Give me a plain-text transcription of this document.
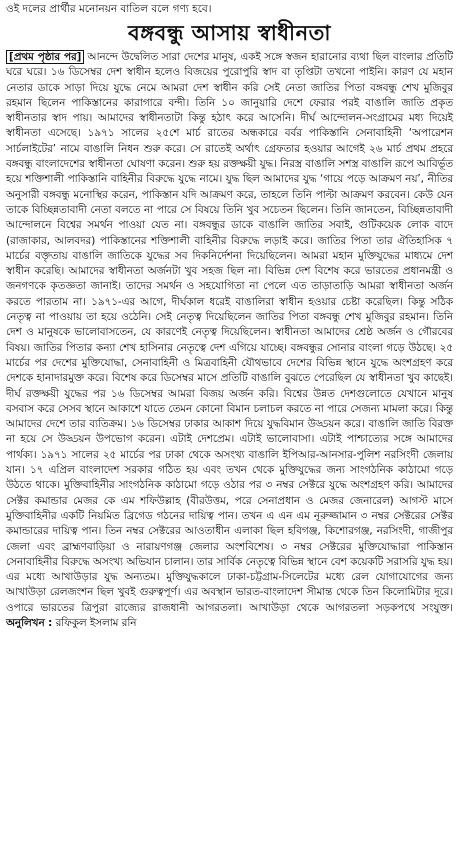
ওই দলের প্রার্থীর মনোনয়ন বাতিল বলে গণ্য হবে।
বঙ্গবন্ধু আসায় স্বাধীনতা
[প্রথম পৃষ্ঠার পর] আনন্দে উদ্বেলিত সারা দেশের মানুষ, একই সঙ্গে স্বজন হারানোর ব্যথা ছিল বাংলার প্রতিটি ঘরে ঘরে। ১৬ ডিসেম্বর দেশ স্বাধীন হলেও বিজয়ের পুরোপুরি স্বাদ বা তৃপ্তিটা তখনো পাইনি। কারণ যে মহান নেতার ডাকে সাড়া দিয়ে যুদ্ধে নেমে আমরা দেশ স্বাধীন করি সেই নেতা জাতির পিতা বঙ্গবন্ধু শেখ মুজিবুর রহমান ছিলেন পাকিস্তানের কারাগারে বন্দী। তিনি ১০ জানুয়ারি দেশে ফেরার পরই বাঙালি জাতি প্রকৃত স্বাধীনতার স্বাদ পায়। আমাদের স্বাধীনতাটা কিন্তু হঠাৎ করে আসেনি। দীর্ঘ আন্দোলন-সংগ্রামের মধ্য দিয়েই স্বাধীনতা এসেছে। ১৯৭১ সালের ২৫শে মার্চ রাতের অন্ধকারে বর্বর পাকিস্তানি সেনাবাহিনী ‘অপারেশন সার্চলাইটের’ নামে বাঙালি নিধন শুরু করে। সে রাতেই অর্থাৎ গ্রেফতার হওয়ার আগেই ২৬ মার্চ প্রথম প্রহরে বঙ্গবন্ধু বাংলাদেশের স্বাধীনতা ঘোষণা করেন। শুরু হয় রক্তক্ষয়ী যুদ্ধ। নিরস্ত্র বাঙালি সশস্ত্র বাঙালি রূপে আবির্ভূত হয়ে শক্তিশালী পাকিস্তানি বাহিনীর বিরুদ্ধে যুদ্ধে নামে। যুদ্ধ ছিল আমাদের যুদ্ধ ‘গায়ে পড়ে আক্রমণ নয়’, নীতির অনুসারী বঙ্গবন্ধু মনোস্থির করেন, পাকিস্তান যদি আক্রমণ করে, তাহলে তিনি পাল্টা আক্রমণ করবেন। কেউ যেন তাকে বিচ্ছিন্নতাবাদী নেতা বলতে না পারে সে বিষয়ে তিনি খুব সচেতন ছিলেন। তিনি জানতেন, বিচ্ছিন্নতাবাদী আন্দোলনে বিশ্বের সমর্থন পাওয়া যেত না। বঙ্গবন্ধুর ডাকে বাঙালি জাতির সবাই, গুটিকয়েক লোক বাদে (রাজাকার, আলবদর) পাকিস্তানের শক্তিশালী বাহিনীর বিরুদ্ধে লড়াই করে। জাতির পিতা তার ঐতিহাসিক ৭ মার্চের বক্তৃতায় বাঙালি জাতিকে যুদ্ধের সব দিকনির্দেশনা দিয়েছিলেন। আমরা মহান মুক্তিযুদ্ধের মাধ্যমে দেশ স্বাধীন করেছি। আমাদের স্বাধীনতা অর্জনটা খুব সহজ ছিল না। বিভিন্ন দেশ বিশেষ করে ভারতের প্রধানমন্ত্রী ও জনগণকে কৃতজ্ঞতা জানাই। তাদের সমর্থন ও সহযোগিতা না পেলে এত তাড়াতাড়ি আমরা স্বাধীনতা অর্জন করতে পারতাম না। ১৯৭১-এর আগে, দীর্ঘকাল ধরেই বাঙালিরা স্বাধীন হওয়ার চেষ্টা করেছিল। কিন্তু সঠিক নেতৃত্ব না পাওয়ায় তা হয়ে ওঠেনি। সেই নেতৃত্ব দিয়েছিলেন জাতির পিতা বঙ্গবন্ধু শেখ মুজিবুর রহমান। তিনি দেশ ও মানুষকে ভালোবাসতেন, যে কারণেই নেতৃত্ব দিয়েছিলেন। স্বাধীনতা আমাদের শ্রেষ্ঠ অর্জন ও গৌরবের বিষয়। জাতির পিতার কন্যা শেখ হাসিনার নেতৃত্বে দেশ এগিয়ে যাচ্ছে। বঙ্গবন্ধুর সোনার বাংলা গড়ে উঠছে। ২৫ মার্চের পর দেশের মুক্তিযোদ্ধা, সেনাবাহিনী ও মিত্রবাহিনী যৌথভাবে দেশের বিভিন্ন স্থানে যুদ্ধে অংশগ্রহণ করে দেশকে হানাদারমুক্ত করে। বিশেষ করে ডিসেম্বর মাসে প্রতিটি বাঙালি বুঝতে পেরেছিল যে স্বাধীনতা খুব কাছেই। দীর্ঘ রক্তক্ষয়ী যুদ্ধের পর ১৬ ডিসেম্বর আমরা বিজয় অর্জন করি। বিশ্বের উন্নত দেশগুলোতে যেখানে মানুষ বসবাস করে সেসব স্থানে আকাশে যাতে তেমন কোনো বিমান চলাচল করতে না পারে সেজন্য মামলা করে। কিন্তু আমাদের দেশে তার ব্যতিক্রম। ১৬ ডিসেম্বর ঢাকার আকাশ দিয়ে যুদ্ধবিমান উড্ডয়ন করে। বাঙালি জাতি বিরক্ত না হয়ে সে উড্ডয়ন উপভোগ করেন। এটাই দেশপ্রেম। এটাই ভালোবাসা। এটাই পাশ্চাত্যের সঙ্গে আমাদের পার্থক্য। ১৯৭১ সালের ২৫ মার্চের পর ঢাকা থেকে অসংখ্য বাঙালি ইপিআর-আনসার-পুলিশ নরসিংদী জেলায় যান। ১৭ এপ্রিল বাংলাদেশ সরকার গঠিত হয় এবং তখন থেকে মুক্তিযুদ্ধের জন্য সাংগঠনিক কাঠামো গড়ে উঠতে থাকে। মুক্তিবাহিনীর সাংগঠনিক কাঠামো গড়ে ওঠার পর ৩ নম্বর সেক্টরে যুদ্ধে অংশগ্রহণ করি। আমাদের সেক্টর কমান্ডার মেজর কে এম শফিউল্লাহ (বীরউত্তম, পরে সেনাপ্রধান ও মেজর জেনারেল) আগস্ট মাসে মুক্তিবাহিনীর একটি নিয়মিত ব্রিগেড গঠনের দায়িত্ব পান। তখন এ এন এম নূরুজ্জামান ৩ নম্বর সেক্টরের সেক্টর কমান্ডারের দায়িত্ব পান। তিন নম্বর সেক্টরের আওতাধীন এলাকা ছিল হবিগঞ্জ, কিশোরগঞ্জ, নরসিংদী, গাজীপুর জেলা এবং ব্রাহ্মণবাড়িয়া ও নারায়ণগঞ্জ জেলার অংশবিশেষ। ৩ নম্বর সেক্টরের মুক্তিযোদ্ধারা পাকিস্তান সেনাবাহিনীর বিরুদ্ধে অসংখ্য অভিযান চালান। তার সার্বিক নেতৃত্বে বিভিন্ন স্থানে বেশ কয়েকটি সরাসরি যুদ্ধ হয়। এর মধ্যে আখাউড়ার যুদ্ধ অন্যতম। মুক্তিযুদ্ধকালে ঢাকা-চট্টগ্রাম-সিলেটের মধ্যে রেল যোগাযোগের জন্য আখাউড়া রেলজংশন ছিল খুবই গুরুত্বপূর্ণ। এর অবস্থান ভারত-বাংলাদেশ সীমান্ত থেকে তিন কিলোমিটার দূরে। ওপারে ভারতের ত্রিপুরা রাজ্যের রাজধানী আগরতলা। আখাউড়া থেকে আগরতলা সড়কপথে সংযুক্ত। অনুলিখন : রফিকুল ইসলাম রনি
